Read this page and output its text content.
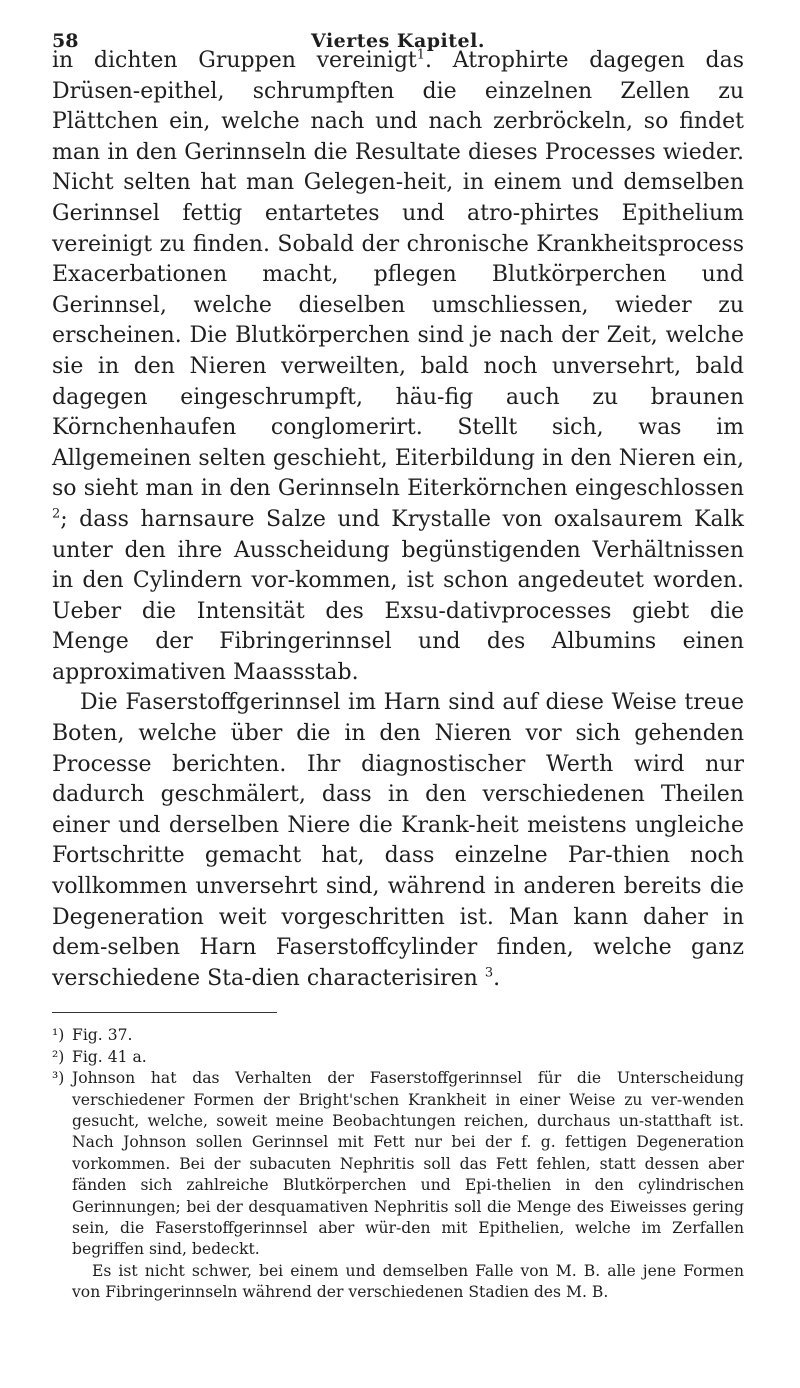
58	Viertes Kapitel.

in dichten Gruppen vereinigt$^1$. Atrophirte dagegen das Drüsen-epithel, schrumpften die einzelnen Zellen zu Plättchen ein, welche nach und nach zerbröckeln, so findet man in den Gerinnseln die Resultate dieses Processes wieder. Nicht selten hat man Gelegen-heit, in einem und demselben Gerinnsel fettig entartetes und atro-phirtes Epithelium vereinigt zu finden. Sobald der chronische Krankheitsprocess Exacerbationen macht, pflegen Blutkörperchen und Gerinnsel, welche dieselben umschliessen, wieder zu erscheinen. Die Blutkörperchen sind je nach der Zeit, welche sie in den Nieren verweilten, bald noch unversehrt, bald dagegen eingeschrumpft, häu-fig auch zu braunen Körnchenhaufen conglomerirt. Stellt sich, was im Allgemeinen selten geschieht, Eiterbildung in den Nieren ein, so sieht man in den Gerinnseln Eiterkörnchen eingeschlossen $^2$; dass harnsaure Salze und Krystalle von oxalsaurem Kalk unter den ihre Ausscheidung begünstigenden Verhältnissen in den Cylindern vor-kommen, ist schon angedeutet worden. Ueber die Intensität des Exsu-dativprocesses giebt die Menge der Fibringerinnsel und des Albumins einen approximativen Maassstab.

Die Faserstoffgerinnsel im Harn sind auf diese Weise treue Boten, welche über die in den Nieren vor sich gehenden Processe berichten. Ihr diagnostischer Werth wird nur dadurch geschmälert, dass in den verschiedenen Theilen einer und derselben Niere die Krank-heit meistens ungleiche Fortschritte gemacht hat, dass einzelne Par-thien noch vollkommen unversehrt sind, während in anderen bereits die Degeneration weit vorgeschritten ist. Man kann daher in dem-selben Harn Faserstoffcylinder finden, welche ganz verschiedene Sta-dien characterisiren $^3$.

¹) Fig. 37.
²) Fig. 41 a.
³) Johnson hat das Verhalten der Faserstoffgerinnsel für die Unterscheidung verschiedener Formen der Bright'schen Krankheit in einer Weise zu ver-wenden gesucht, welche, soweit meine Beobachtungen reichen, durchaus un-statthaft ist. Nach Johnson sollen Gerinnsel mit Fett nur bei der f. g. fettigen Degeneration vorkommen. Bei der subacuten Nephritis soll das Fett fehlen, statt dessen aber fänden sich zahlreiche Blutkörperchen und Epi-thelien in den cylindrischen Gerinnungen; bei der desquamativen Nephritis soll die Menge des Eiweisses gering sein, die Faserstoffgerinnsel aber wür-den mit Epithelien, welche im Zerfallen begriffen sind, bedeckt.
Es ist nicht schwer, bei einem und demselben Falle von M. B. alle jene Formen von Fibringerinnseln während der verschiedenen Stadien des M. B.
